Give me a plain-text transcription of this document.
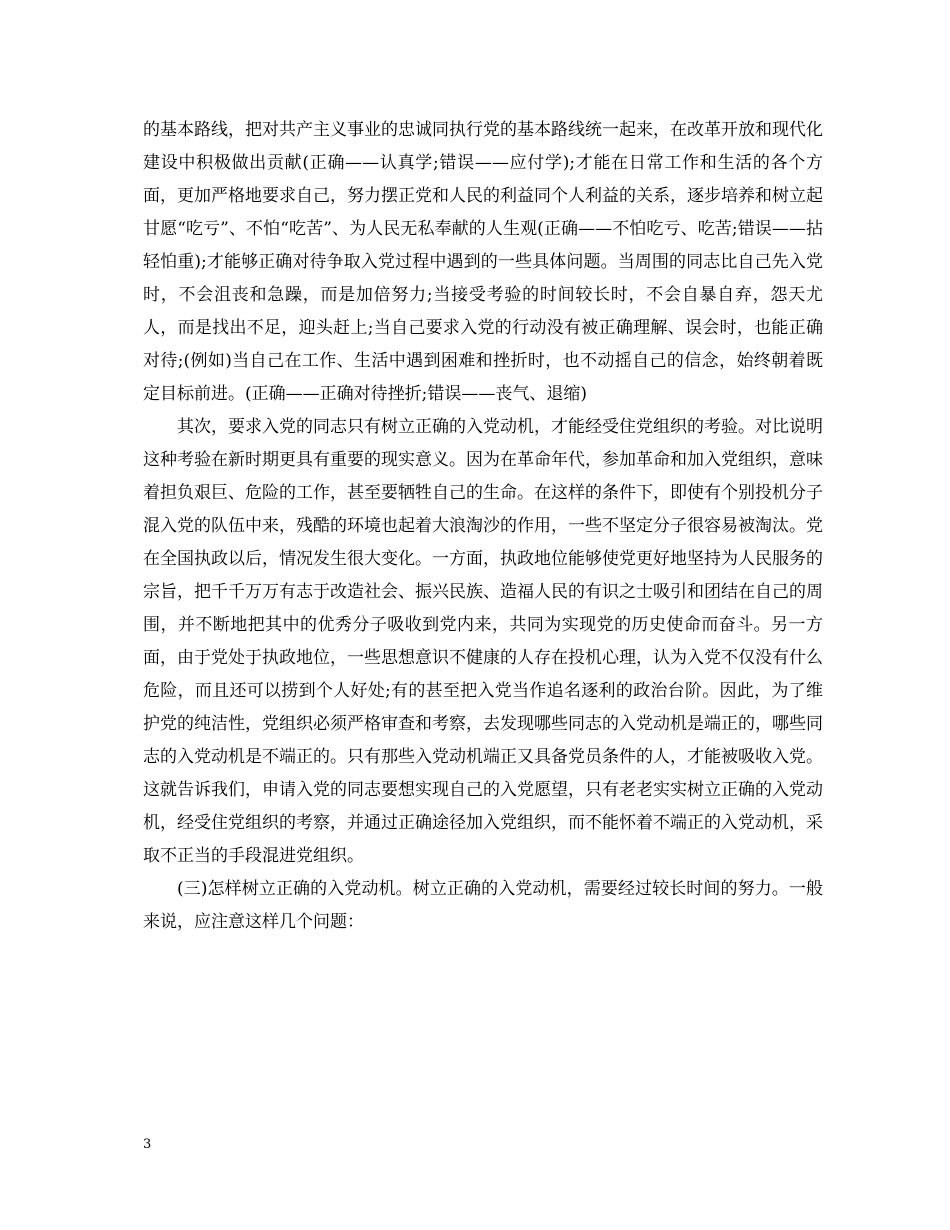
的基本路线，把对共产主义事业的忠诚同执行党的基本路线统一起来，在改革开放和现代化建设中积极做出贡献(正确——认真学;错误——应付学);才能在日常工作和生活的各个方面，更加严格地要求自己，努力摆正党和人民的利益同个人利益的关系，逐步培养和树立起甘愿“吃亏”、不怕“吃苦”、为人民无私奉献的人生观(正确——不怕吃亏、吃苦;错误——拈轻怕重);才能够正确对待争取入党过程中遇到的一些具体问题。当周围的同志比自己先入党时，不会沮丧和急躁，而是加倍努力;当接受考验的时间较长时，不会自暴自弃，怨天尤人，而是找出不足，迎头赶上;当自己要求入党的行动没有被正确理解、误会时，也能正确对待;(例如)当自己在工作、生活中遇到困难和挫折时，也不动摇自己的信念，始终朝着既定目标前进。(正确——正确对待挫折;错误——丧气、退缩)

其次，要求入党的同志只有树立正确的入党动机，才能经受住党组织的考验。对比说明这种考验在新时期更具有重要的现实意义。因为在革命年代，参加革命和加入党组织，意味着担负艰巨、危险的工作，甚至要牺牲自己的生命。在这样的条件下，即使有个别投机分子混入党的队伍中来，残酷的环境也起着大浪淘沙的作用，一些不坚定分子很容易被淘汰。党在全国执政以后，情况发生很大变化。一方面，执政地位能够使党更好地坚持为人民服务的宗旨，把千千万万有志于改造社会、振兴民族、造福人民的有识之士吸引和团结在自己的周围，并不断地把其中的优秀分子吸收到党内来，共同为实现党的历史使命而奋斗。另一方面，由于党处于执政地位，一些思想意识不健康的人存在投机心理，认为入党不仅没有什么危险，而且还可以捞到个人好处;有的甚至把入党当作追名逐利的政治台阶。因此，为了维护党的纯洁性，党组织必须严格审查和考察，去发现哪些同志的入党动机是端正的，哪些同志的入党动机是不端正的。只有那些入党动机端正又具备党员条件的人，才能被吸收入党。这就告诉我们，申请入党的同志要想实现自己的入党愿望，只有老老实实树立正确的入党动机，经受住党组织的考察，并通过正确途径加入党组织，而不能怀着不端正的入党动机，采取不正当的手段混进党组织。

(三)怎样树立正确的入党动机。树立正确的入党动机，需要经过较长时间的努力。一般来说，应注意这样几个问题：

3
